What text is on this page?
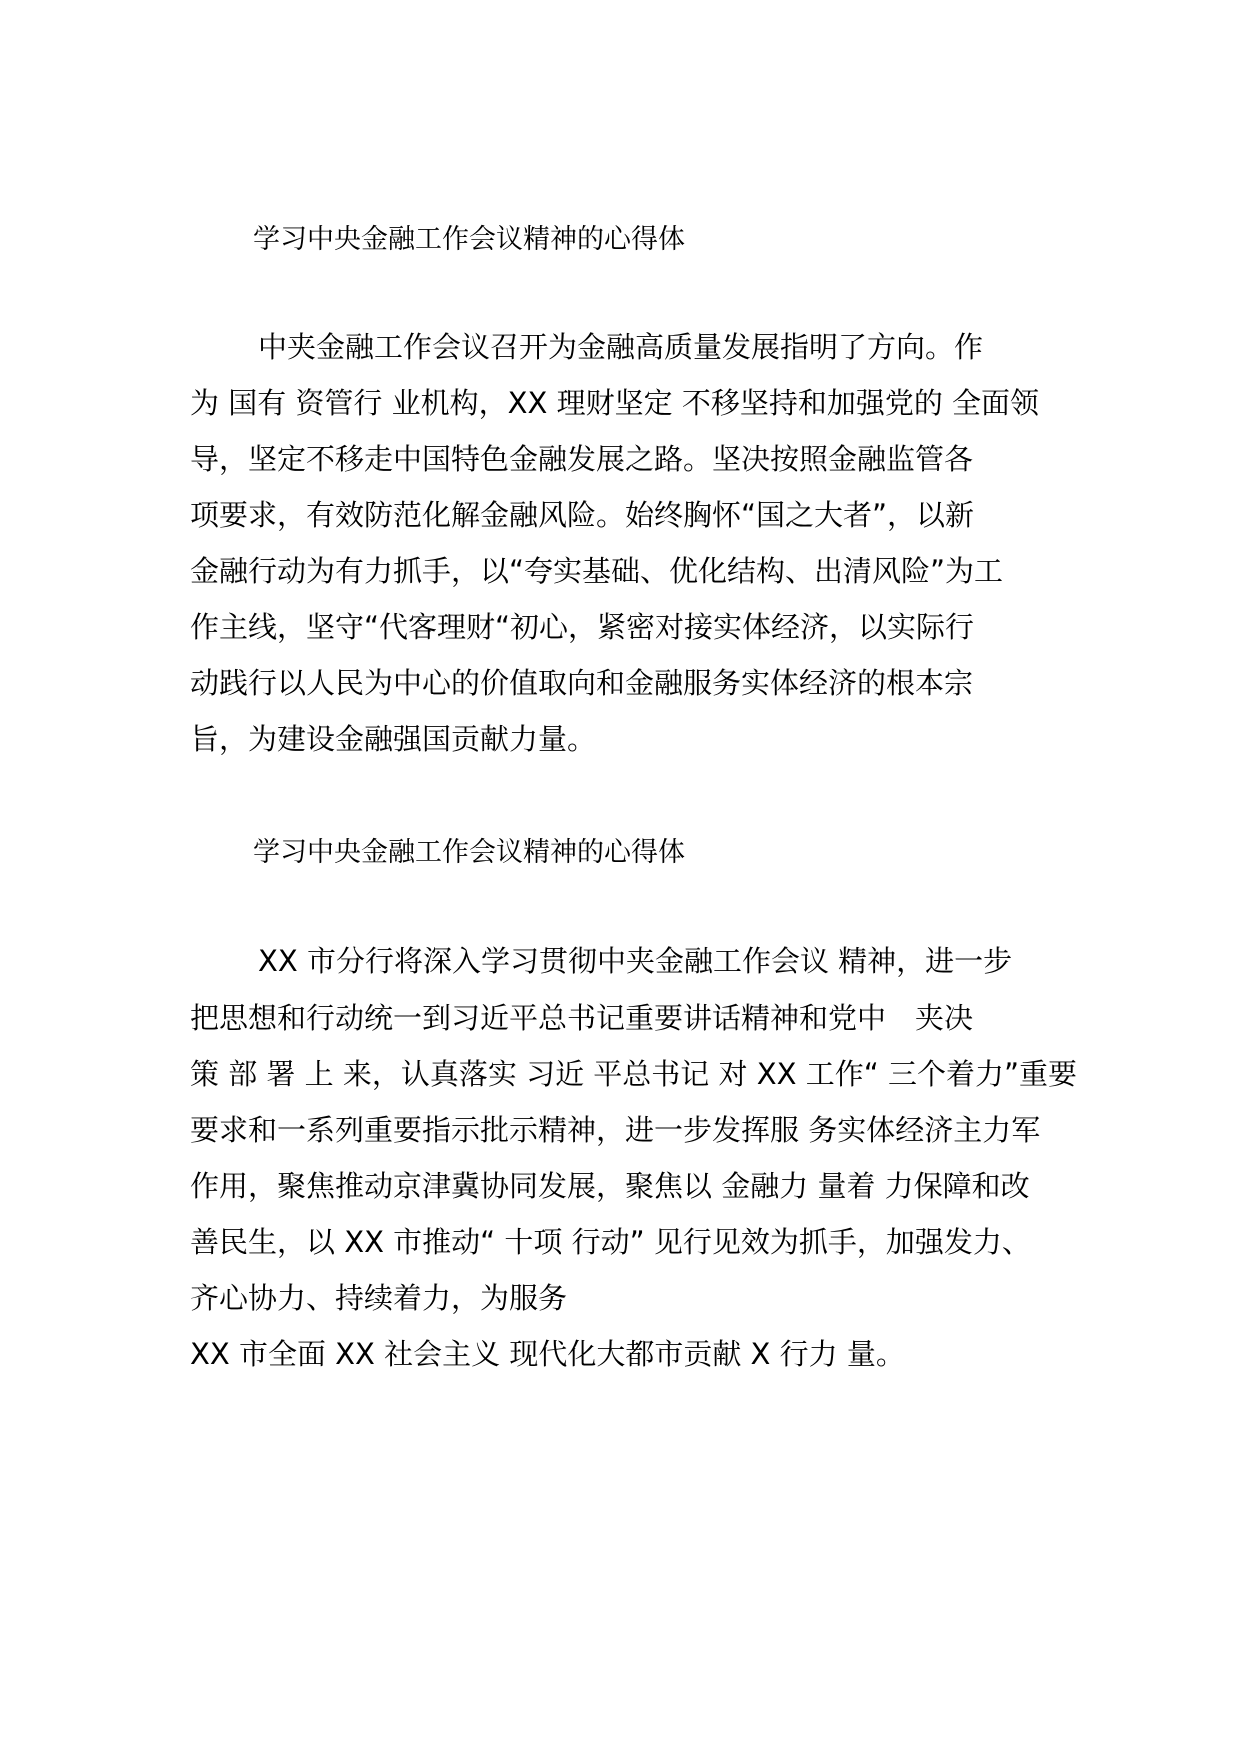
学习中央金融工作会议精神的心得体
中夹金融工作会议召开为金融高质量发展指明了方向。作
为 国有 资管行 业机构，XX 理财坚定 不移坚持和加强党的 全面领
导，坚定不移走中国特色金融发展之路。坚决按照金融监管各
项要求，有效防范化解金融风险。始终胸怀“国之大者”，以新
金融行动为有力抓手，以“夸实基础、优化结构、出清风险”为工
作主线，坚守“代客理财“初心，紧密对接实体经济，以实际行
动践行以人民为中心的价值取向和金融服务实体经济的根本宗
旨，为建设金融强国贡献力量。
学习中央金融工作会议精神的心得体
XX 市分行将深入学习贯彻中夹金融工作会议 精神，进一步
把思想和行动统一到习近平总书记重要讲话精神和党中　夹决
策 部 署 上 来，认真落实 习近 平总书记 对 XX 工作“ 三个着力”重要
要求和一系列重要指示批示精神，进一步发挥服 务实体经济主力军
作用，聚焦推动京津冀协同发展，聚焦以 金融力 量着 力保障和改
善民生，以 XX 市推动“ 十项 行动” 见行见效为抓手，加强发力、
齐心协力、持续着力，为服务
XX 市全面 XX 社会主义 现代化大都市贡献 X 行力 量。
